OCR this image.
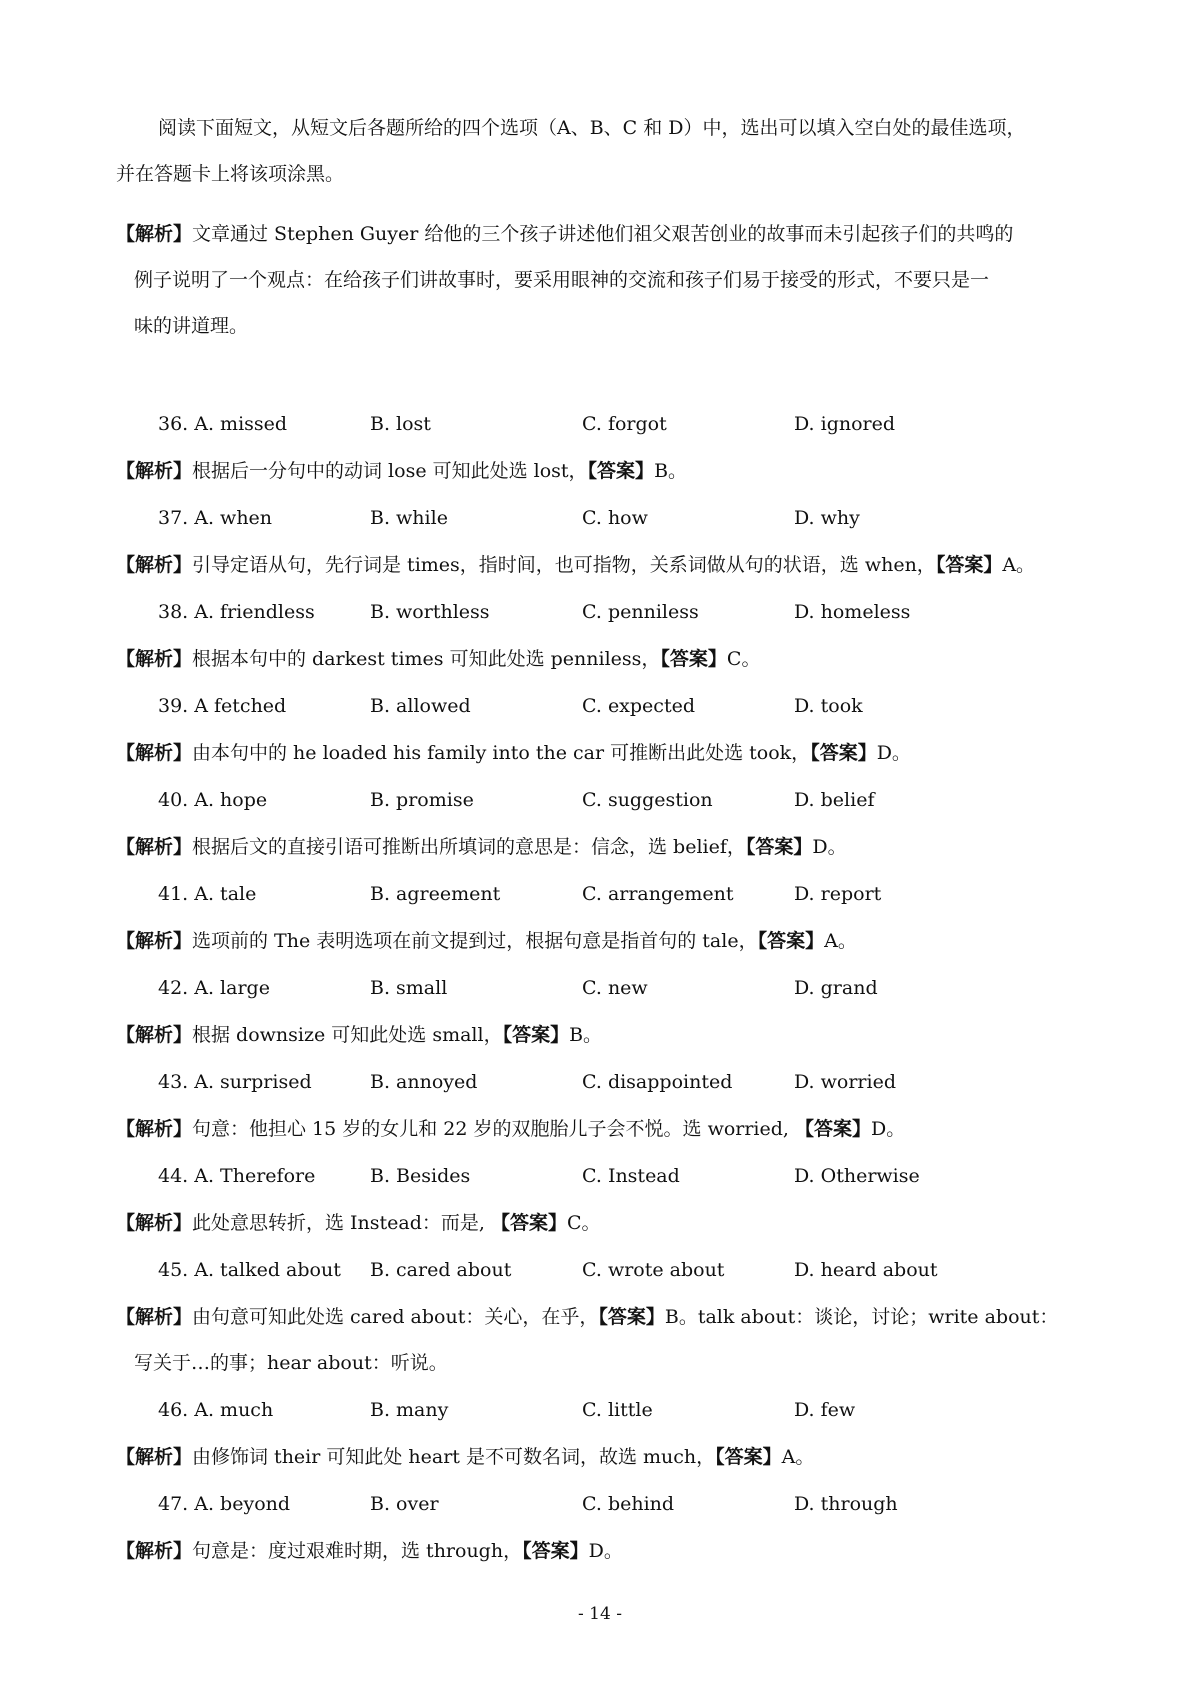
阅读下面短文，从短文后各题所给的四个选项（A、B、C 和 D）中，选出可以填入空白处的最佳选项，
并在答题卡上将该项涂黑。
【解析】文章通过 Stephen Guyer 给他的三个孩子讲述他们祖父艰苦创业的故事而未引起孩子们的共鸣的
例子说明了一个观点：在给孩子们讲故事时，要采用眼神的交流和孩子们易于接受的形式，不要只是一
味的讲道理。
36. A. missed	B. lost	C. forgot	D. ignored
【解析】根据后一分句中的动词 lose 可知此处选 lost，【答案】B。
37. A. when	B. while	C. how	D. why
【解析】引导定语从句，先行词是 times，指时间，也可指物，关系词做从句的状语，选 when，【答案】A。
38. A. friendless	B. worthless	C. penniless	D. homeless
【解析】根据本句中的 darkest times 可知此处选 penniless，【答案】C。
39. A fetched	B. allowed	C. expected	D. took
【解析】由本句中的 he loaded his family into the car 可推断出此处选 took，【答案】D。
40. A. hope	B. promise	C. suggestion	D. belief
【解析】根据后文的直接引语可推断出所填词的意思是：信念，选 belief，【答案】D。
41. A. tale	B. agreement	C. arrangement	D. report
【解析】选项前的 The 表明选项在前文提到过，根据句意是指首句的 tale，【答案】A。
42. A. large	B. small	C. new	D. grand
【解析】根据 downsize 可知此处选 small，【答案】B。
43. A. surprised	B. annoyed	C. disappointed	D. worried
【解析】句意：他担心 15 岁的女儿和 22 岁的双胞胎儿子会不悦。选 worried, 【答案】D。
44. A. Therefore	B. Besides	C. Instead	D. Otherwise
【解析】此处意思转折，选 Instead：而是, 【答案】C。
45. A. talked about B. cared about	C. wrote about	D. heard about
【解析】由句意可知此处选 cared about：关心，在乎，【答案】B。talk about：谈论，讨论；write about：
写关于…的事；hear about：听说。
46. A. much	B. many	C. little	D. few
【解析】由修饰词 their 可知此处 heart 是不可数名词，故选 much，【答案】A。
47. A. beyond	B. over	C. behind	D. through
【解析】句意是：度过艰难时期，选 through，【答案】D。
- 14 -
